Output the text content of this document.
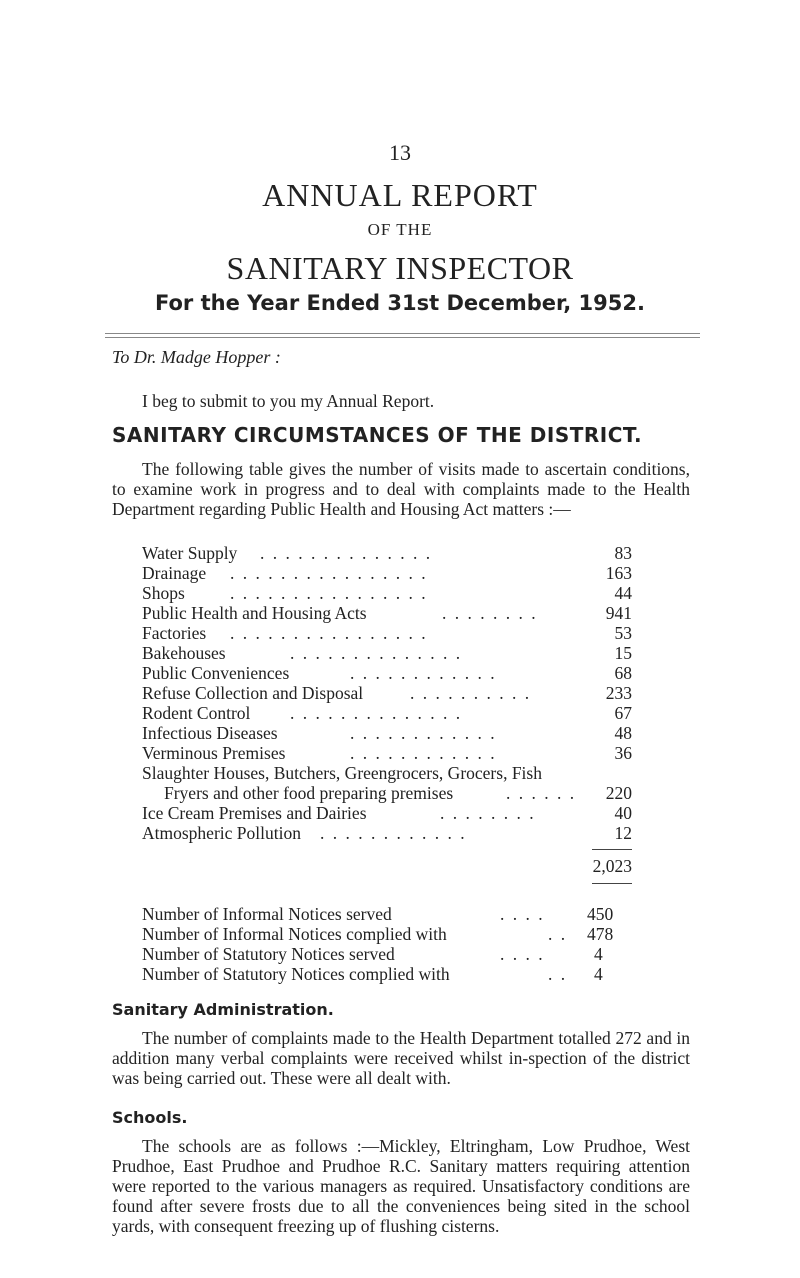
13
ANNUAL REPORT
OF THE
SANITARY INSPECTOR
For the Year Ended 31st December, 1952.
To Dr. Madge Hopper :
I beg to submit to you my Annual Report.
SANITARY CIRCUMSTANCES OF THE DISTRICT.
The following table gives the number of visits made to ascertain conditions, to examine work in progress and to deal with complaints made to the Health Department regarding Public Health and Housing Act matters :—
Water Supply . . . . . . . . . . . . . .	83
Drainage . . . . . . . . . . . . . . . .	163
Shops	. . . . . . . . . . . . . . . .	44
Public Health and Housing Acts	. . . . . . . .	941
Factories . . . . . . . . . . . . . . . .	53
Bakehouses	. . . . . . . . . . . . . .	15
Public Conveniences	. . . . . . . . . . . .	68
Refuse Collection and Disposal	. . . . . . . . . .	233
Rodent Control . . . . . . . . . . . . . .	67
Infectious Diseases	. . . . . . . . . . . .	48
Verminous Premises	. . . . . . . . . . . .	36
Slaughter Houses, Butchers, Greengrocers, Grocers, Fish
Fryers and other food preparing premises	. . . . . . 220
Ice Cream Premises and Dairies	. . . . . . . .	40
Atmospheric Pollution . . . . . . . . . . . .	12
2,023
Number of Informal Notices served	. . . . 450
Number of Informal Notices complied with	. . 478
Number of Statutory Notices served	. . . .	4
Number of Statutory Notices complied with	. . 4
Sanitary Administration.
The number of complaints made to the Health Department totalled 272 and in addition many verbal complaints were received whilst in-spection of the district was being carried out. These were all dealt with.
Schools.
The schools are as follows :—Mickley, Eltringham, Low Prudhoe, West Prudhoe, East Prudhoe and Prudhoe R.C. Sanitary matters requiring attention were reported to the various managers as required. Unsatisfactory conditions are found after severe frosts due to all the conveniences being sited in the school yards, with consequent freezing up of flushing cisterns.
